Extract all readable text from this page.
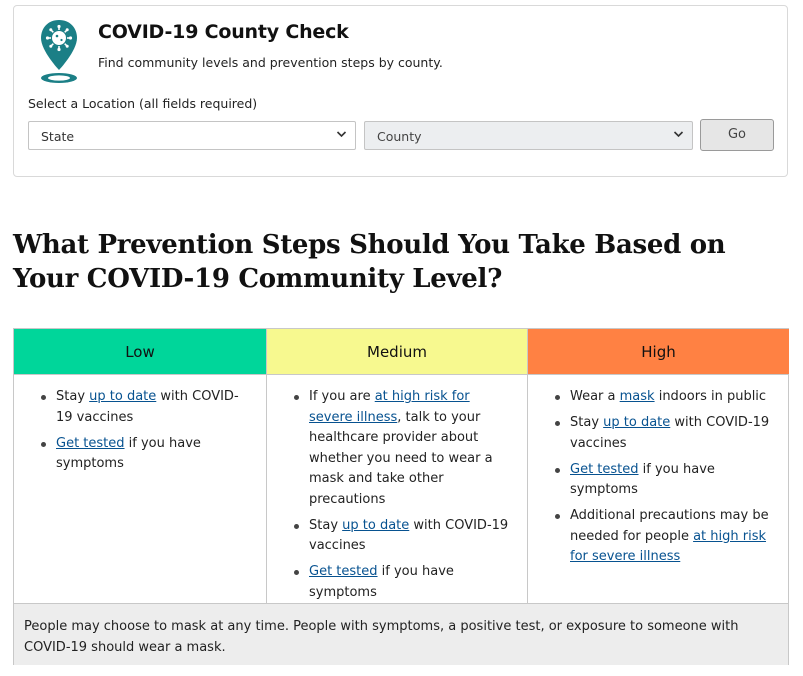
COVID-19 County Check
Find community levels and prevention steps by county.
Select a Location (all fields required)
State	County	Go
What Prevention Steps Should You Take Based on Your COVID-19 Community Level?
Low
Stay up to date with COVID-19 vaccines
Get tested if you have symptoms
Medium
If you are at high risk for severe illness, talk to your healthcare provider about whether you need to wear a mask and take other precautions
Stay up to date with COVID-19 vaccines
Get tested if you have symptoms
High
Wear a mask indoors in public
Stay up to date with COVID-19 vaccines
Get tested if you have symptoms
Additional precautions may be needed for people at high risk for severe illness
People may choose to mask at any time. People with symptoms, a positive test, or exposure to someone with COVID-19 should wear a mask.
